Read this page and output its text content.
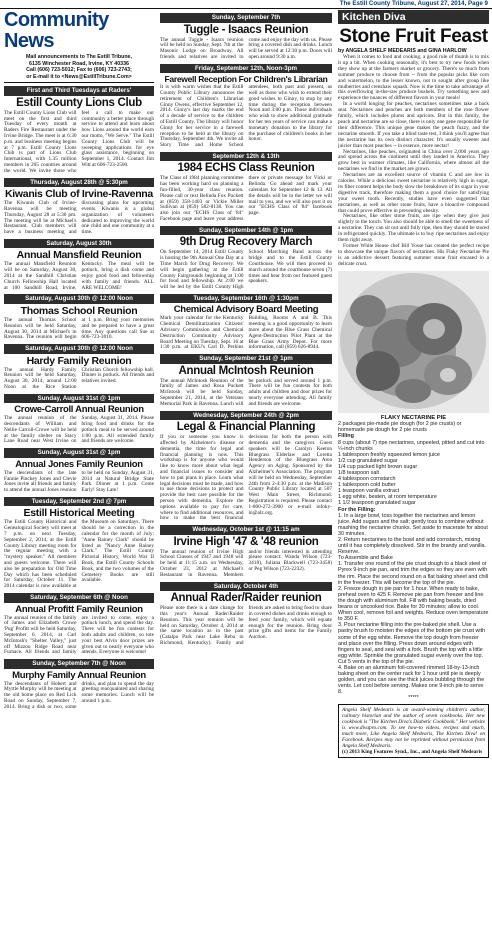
The Estill County Tribune, August 27, 2014, Page 9
Community News
Mail announcements to The Estill Tribune,
6135 Winchester Road, Irvine, KY 40336
Call (606) 723-5012; Fax to (606) 723-2743;
or E-mail it to <News@EstillTribune.Com>
First and Third Tuesdays at Raders'
Estill County Lions Club
The Estill County Lions Club will meet on the first and third Tuesday of every month at Raders Fire Restaurant under the Irvine Bridge. The meet is at 6:30 p.m. and business meeting begins at 7 p.m. Estill County Lions Club is part of Lions Club International, with 1.35 million members in 205 countries around the world. We invite those who feel a call to make our community a better place through service to attend and learn about how Lions around the world earn our motto, "We Serve." The Estill County Lions Club will be sweeping applications for eye glass assistance, beginning on September 1, 2014. Contact Jim Witt at 606-723-2500.
Thursday, August 28th @ 5:30pm
Kiwanis Club of Irvine-Ravenna
The Kiwanis Club of Irvine-Ravenna will be meeting Thursday, August 28 at 5:30 pm. The meeting will be at Michael's Restaurant. Club members will have a business meeting and discussing plans for upcoming events. Kiwanis is a global organization of volunteers dedicated to improving the world one child and one community at a time.
Saturday, August 30th
Annual Mansfield Reunion
The annual Mansfield Reunion will be on Saturday, August 30, 2014 at the Sandhill Christian Church Fellowship Hall located at 100 Sandhill Road, Irvine, Kentucky. The meal will be potluck, bring a dish come and enjoy good food and fellowship with family and friends. ALL ARE WELCOME!
Saturday, August 30th @ 12:00 Noon
Thomas School Reunion
The annual Thomas School Reunion will be held Saturday, August 30, 2014 at Michael's in Ravenna. The reunion will begin at 1 p.m. Bring your memories and be prepared to have a great time. Any questions call Sue at 606-723-3010.
Saturday, August 30th @ 12:00 Noon
Hardy Family Reunion
The annual Hardy Family Reunion will be held Saturday, August 30, 2014, around 12:00 Noon at the Rice Station Christian Church fellowship hall. Dinner is potluck. All friends and relatives invited.
Sunday, August 31st @ 1pm
Crowe-Carroll Annual Reunion
The annual reunion of the descendants of William and Nellie Carroll-Crowe will be held at the family shelter on Stacy Lane Road near West Irvine on Sunday, August 31, 2014. Please bring food and drinks for the potluck meal to be served around 1:00 p.m. All extended family and friends are welcome.
Sunday, August 31st @ 1pm
Annual Jones Family Reunion
The descendants of the late Fannie Pinckey Jones and Clevie Jones invite all friends and family to attend the annual Jones reunion to be held on Sunday, August 31, 2014 at Natural Bridge State Park. Dinner at 1 p.m. Come Early! Stay Late!
Tuesday, September 2nd @ 7pm
Estill Historical Meeting
The Estill County Historical and Genealogical Society will meet at 7 p.m. on next Tuesday, September 2, 2014, at the Estill County Library meeting room for the regular meeting with a "mystery speaker." All members and guests welcome. There will also be preparation for Old Time Day which has been scheduled for Saturday, October 11. The 2014 calendar is now available at the Museum on Saturdays. There should be a correction in the calendar for the month of July: "Anne Rainey Clark" should be listed as "Nancy Anne Rainey Clark." The Estill County Pictorial History, World War II Book, the Estill County Schools Book, and the two volumes of the Cemetery Books are still available.
Saturday, September 6th @ Noon
Annual Profitt Family Reunion
The annual reunion of the family of James and Elizabeth Crowe 'Pug' Profitt will be held Saturday, September 6, 2014, at Carl McIntosh's "Shelter Valley," just off Mizzou Ridge Road near Furnace. All friends and family are invited to come, enjoy a potluck lunch, and spend the day. There will be fun contests for both adults and children, so tote your best Alvin door prizes are given out to nearly everyone who attends. Everyone is welcome!
Sunday, September 7th @ Noon
Murphy Family Annual Reunion
The descendants of Hobert and Myrtle Murphy will be meeting at the old home place on Red Lick Road on Sunday, September 7, 2014. Bring a dish or two, some drinks, and plan to spend the day greeting reacquainted and sharing some memories. Lunch will be around 1 p.m.
Sunday, September 7th
Tuggle - Isaacs Reunion
The annual Tuggle - Isaacs reunion will be held on Sunday, Sept. 7th at the Masonic Lodge on Broadway. All friends and relatives are invited to come and enjoy the day with us. Please bring a covered dish and drinks. Lunch will be served at 12:30 p.m. Doors will open around 9:30 a.m.
Friday, September 12th, Noon-3pm
Farewell Reception For Children's Librarian
It is with warm wishes that the Estill County Public Library announces the retirement of Children's Librarian Ginny Owens, effective September 12, 2014. Ginny's last day marks the end of a decade of service to the children of Estill County. The library will honor Ginny for her service in a farewell reception to be held at the library on Thursday, September 4th. We invite all Story Time and Home School attendees, both past and present, as well as those who wish to extend their good wishes to Ginny, to stop by any time during the reception between Noon and 3:00 p.m. Those individuals who wish to show additional gratitude for her ten years of service can make a monetary donation to the library for the purchase of children's books in her honor.
September 12th & 13th
1984 ECHS Class Reunion
The Class of 1984 planning committee has been working hard on planning a fun-filled, 30-year class reunion. Please call or text Belinda Fox Puckett at (859) 358-1403 or Vickie Miller Sullivan at (859) 582-8138. You can also join our "ECHS Class of '84" Facebook page and leave your address there or private message for Vicki or Belinda. Go ahead and mark your calendars for September 12 & 13. All the details will be in the letter we will mail to you, and we will also post it on our "ECHS Class of '84" facebook page.
Sunday, September 14th @ 1pm
9th Drug Recovery March
On September 14, 2014 Estill County is hosting the 9th Annual One Day at a Time March for Drug Recovery. We will begin gathering at the Estill County Fairgrounds beginning at 1:00 for food and fellowship. At 2:00 we will be led by the Estill County High School Marching Band across the bridge and to the Estill County Courthouse. We will then proceed to march around the courthouse seven (7) times and hear from our featured guest speakers.
Tuesday, September 16th @ 1:30pm
Chemical Advisory Board Meeting
Mark your calendar for the Kentucky Chemical Demilitarization Citizens' Advisory Commission and Chemical Destruction Community Advisory Board Meeting on Tuesday, Sept. 16 at 1:30 p.m. at EKU's Carl D. Perkins Building, Rooms A and B. This meeting is a good opportunity to learn more about the Blue Grass Chemical Agent-Destruction Pilot Plant at the Blue Grass Army Depot. For more information, call (859) 626-8944.
Sunday, September 21st @ 1pm
Annual McIntosh Reunion
The annual McIntosh Reunion of the family of James and Rosa Puckett McIntosh will be held Sunday, September 21, 2014, at the Veterans Memorial Park in Ravenna. Lunch will be potluck and served around 1 p.m. There will be fun contests for both adults and children and door prizes for nearly everyone attending. All family and friends are welcome.
Wednesday, September 24th @ 2pm
Legal & Financial Planning
If you or someone you know is affected by Alzheimer's disease or dementia, the time for legal and financial planning is now. This workshop is for anyone who would like to know more about what legal and financial issues to consider and how to put plans in place. Learn what legal decisions must be made, and how to use those decisions to protect and provide the best care possible for the person with dementia. Explore the options available to pay for care, where to find additional resources, and how to make the best financial decisions for both the person with dementia and the caregiver. Guest speakers will be Carolyn Keeton Bluegrass Elderlaw and Loretta Henderson of the Bluegrass Area Agency on Aging. Sponsored by the Alzheimer's Association. The program will be held on Wednesday, September 24th from 2-4:30 p.m. at the Madison County Public Library located at 507 West Main Street, Richmond. Registration is required. Please contact 1-800-272-3900 or e-mail infoky-in@alz.org.
Wednesday, October 1st @ 11:15 am
Irvine High '47 & '48 reunion
The annual reunion of Irvine High School Classes of 1947 and 1948 will be held at 11:15 a.m. on Wednesday, October 23, 2012 at Michael's Restaurant in Ravenna. Members and/or friends interested in attending please contact: Wanda Wilson (723-3418), Juliana Blackwell (723-3458) or Peg Wilson (723-2232).
Saturday, October 4th
Annual Rader/Raider reunion
Please note there is a date change for this year's Annual Rader/Raider Reunion. This year reunion will be held on Saturday, October 4, 2014 at the same location as in the past (Catalpa Park near Lake Reba in Richmond, Kentucky). Family and friends are asked to bring food to share in covered dishes and drinks enough to feed your family, which will equate enough for the reunion. Bring door prize gifts and items for the Family Auction.
Kitchen Diva
Stone Fruit Feast
by ANGELA SHELF MEDEARIS and GINA HARLOW

When it comes to food and cooking, a good rule of thumb is to mix it up a bit. When cooking seasonally, it's best to try new foods when they show up at the farmers market or grocery. There's so much from summer produce to choose from -- from the popular picks like corn and watermelon, to the lesser known, not to sought after group like mulberries and crenshaw squash. Now is the time to take advantage of this overflowing in-the-raw produce bushels. Try something new and experience the nuances of different flavors in your meals!

In a world longing for peaches, nectarines sometimes take a back seat. Nectarines and peaches are both members of the rose flower family, which includes plums and apricots. But in this family, the peach and nectarine are so close, there is only one gene responsible for their difference. This unique gene makes the peach fuzzy, and the nectarine smooth. If you take a blind taste test, I think you'll agree that the nectarine has its own distinct character. It's usually sweeter and juicier than most peaches -- in essence, more nectar!

Nectarines, like peaches, originated in China over 2,000 years ago and spread across the continent until they landed in America. They grow best in warmer climates, like California, where almost all the nectarines we find in the market are grown.

Nectarines are an excellent source of vitamin C and are low in calories. While a delicious sweet nectarine is relatively high in sugar, its fiber content helps the body slow the breakdown of its sugar in your digestive track, therefore making them a good choice for satisfying your sweet tooth. Recently, studies have even suggested that nectarines, as well as other stone fruits, have a bioactive compound that could prove effective in preventing obesity.

Nectarines, like other stone fruits, are ripe when they give just slightly to the touch. You also should be able to smell the sweetness of a nectarine. They can sit out until fully ripe, then they should be stored in refrigerated quickly. The ultimate is to buy ripe nectarines and enjoy them right away.

Former White House chef Bill Yosse has created the perfect recipe to showcase the unique flavors of nectarines. His Flaky Nectarine Pie is an addictive dessert featuring summer stone fruit encased in a delicate crust.

FLAKY NECTARINE PIE

2 packages pie-made pie dough (for 2 pie crusts) or homemade pie dough for 2 pie crusts

Filling

8 cups (about 7) ripe nectarines, unpeeled, pitted and cut into ¼-inch chunks

1 tablespoon freshly squeezed lemon juice

1/2 cup granulated sugar

1/4 cup packed light brown sugar

1/8 teaspoon salt

4 tablespoon cornstarch

1 tablespoon cold butter

1 teaspoon vanilla extract

1 egg white, beaten, at room temperature

1 1/2 teaspoon granulated sugar

For the Filling:

1. In a large bowl, toss together the nectarines and lemon juice. Add sugars and the salt; gently toss to combine without mashing the nectarine chunks. Set aside to macerate for about 30 minutes.

2. Return nectarines to the bowl and add cornstarch, mixing until it has completely dissolved. Stir in the brandy and vanilla. Reserve.

To Assemble and Bake

1. Transfer one round of the pie crust dough to a black steel or Pyrex 9-inch pie pan, and trim the edges so they are even with the rim. Place the second round on a flat baking sheet and chill in the freezer. This will become the top of the pie.

2. Freeze dough in pie pan for 1 hour. When ready to bake, preheat oven to 425 F. Remove pie pan from freezer and line the dough with aluminum foil. Fill with baking beads, dried beans or uncooked rice. Bake for 30 minutes; allow to cool. When cool, remove foil and weights. Reduce oven temperature to 350 F.

3. Pour nectarine filling into the pre-baked pie shell. Use a pastry brush to moisten the edges of the bottom pie crust with some of the egg white. Remove the top dough from freezer and place over the filling. Press down around edges with fingers to seal, and seal with a fork. Brush the top with a little egg white. Sprinkle the granulated sugar evenly over the top. Cut 5 vents in the top of the pie.

4. Bake on an aluminum foil-covered rimmed 18-by-13-inch baking sheet on the center rack for 1 hour until pie is deeply golden, and you can see the thick juices bubbling through the vents. Let cool before serving. Makes one 9-inch pie to serve 8.

*****

Angela Shelf Medearis is an award-winning children's author, culinary historian and the author of seven cookbooks. Her new cookbook is "The Kitchen Diva's Diabetic Cookbook." Her website is www.divapro.com. To see how-to videos, recipes and much, much more, Like Angela Shelf Medearis, The Kitchen Diva! on Facebook. Recipes may not be reprinted without permission from Angela Shelf Medearis.
(c) 2013 King Features Synd., Inc., and Angela Shelf Medearis
